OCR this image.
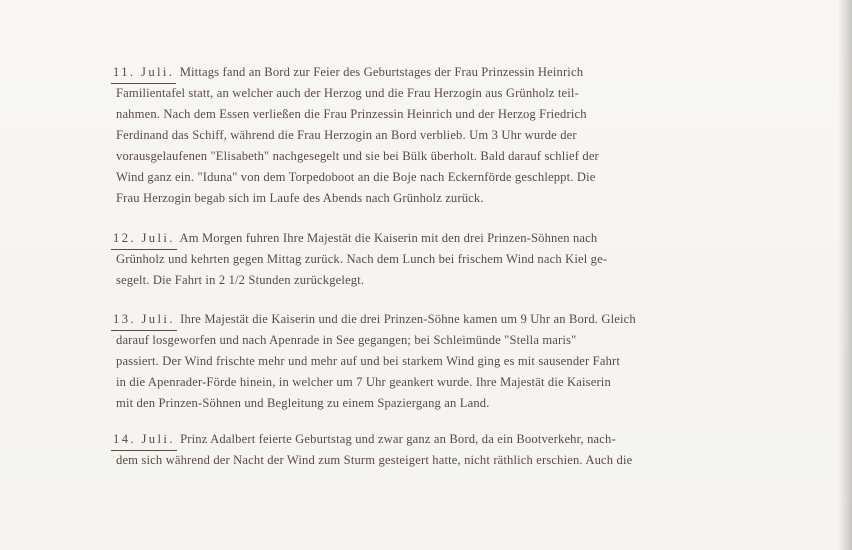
11. Juli. Mittags fand an Bord zur Feier des Geburtstages der Frau Prinzessin Heinrich
Familientafel statt, an welcher auch der Herzog und die Frau Herzogin aus Grünholz teil-
nahmen. Nach dem Essen verließen die Frau Prinzessin Heinrich und der Herzog Friedrich
Ferdinand das Schiff, während die Frau Herzogin an Bord verblieb. Um 3 Uhr wurde der
vorausgelaufenen "Elisabeth" nachgesegelt und sie bei Bülk überholt. Bald darauf schlief der
Wind ganz ein. "Iduna" von dem Torpedoboot an die Boje nach Eckernförde geschleppt. Die
Frau Herzogin begab sich im Laufe des Abends nach Grünholz zurück.
12. Juli. Am Morgen fuhren Ihre Majestät die Kaiserin mit den drei Prinzen-Söhnen nach
Grünholz und kehrten gegen Mittag zurück. Nach dem Lunch bei frischem Wind nach Kiel ge-
segelt. Die Fahrt in 2 1/2 Stunden zurückgelegt.
13. Juli. Ihre Majestät die Kaiserin und die drei Prinzen-Söhne kamen um 9 Uhr an Bord. Gleich
darauf losgeworfen und nach Apenrade in See gegangen; bei Schleimünde "Stella maris"
passiert. Der Wind frischte mehr und mehr auf und bei starkem Wind ging es mit sausender Fahrt
in die Apenrader-Förde hinein, in welcher um 7 Uhr geankert wurde. Ihre Majestät die Kaiserin
mit den Prinzen-Söhnen und Begleitung zu einem Spaziergang an Land.
14. Juli. Prinz Adalbert feierte Geburtstag und zwar ganz an Bord, da ein Bootverkehr, nach-
dem sich während der Nacht der Wind zum Sturm gesteigert hatte, nicht räthlich erschien. Auch die
